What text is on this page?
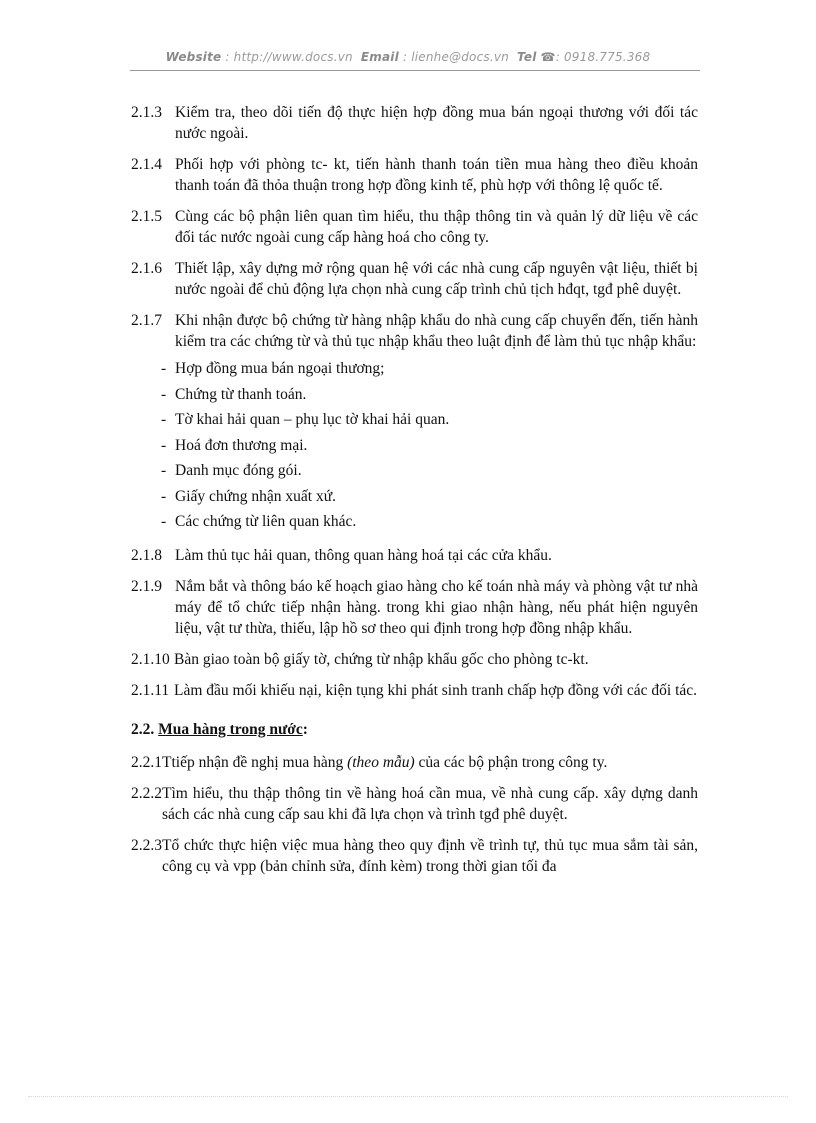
Website : http://www.docs.vn Email : lienhe@docs.vn Tel ☎: 0918.775.368
2.1.3 Kiểm tra, theo dõi tiến độ thực hiện hợp đồng mua bán ngoại thương với đối tác nước ngoài.
2.1.4 Phối hợp với phòng tc- kt, tiến hành thanh toán tiền mua hàng theo điều khoản thanh toán đã thỏa thuận trong hợp đồng kinh tế, phù hợp với thông lệ quốc tế.
2.1.5 Cùng các bộ phận liên quan tìm hiểu, thu thập thông tin và quản lý dữ liệu về các đối tác nước ngoài cung cấp hàng hoá cho công ty.
2.1.6 Thiết lập, xây dựng mở rộng quan hệ với các nhà cung cấp nguyên vật liệu, thiết bị nước ngoài để chủ động lựa chọn nhà cung cấp trình chủ tịch hđqt, tgđ phê duyệt.
2.1.7 Khi nhận được bộ chứng từ hàng nhập khẩu do nhà cung cấp chuyển đến, tiến hành kiểm tra các chứng từ và thủ tục nhập khẩu theo luật định để làm thủ tục nhập khẩu:
- Hợp đồng mua bán ngoại thương;
- Chứng từ thanh toán.
- Tờ khai hải quan – phụ lục tờ khai hải quan.
- Hoá đơn thương mại.
- Danh mục đóng gói.
- Giấy chứng nhận xuất xứ.
- Các chứng từ liên quan khác.
2.1.8 Làm thủ tục hải quan, thông quan hàng hoá tại các cửa khẩu.
2.1.9 Nắm bắt và thông báo kế hoạch giao hàng cho kế toán nhà máy và phòng vật tư nhà máy để tổ chức tiếp nhận hàng. trong khi giao nhận hàng, nếu phát hiện nguyên liệu, vật tư thừa, thiếu, lập hồ sơ theo qui định trong hợp đồng nhập khẩu.
2.1.10 Bàn giao toàn bộ giấy tờ, chứng từ nhập khẩu gốc cho phòng tc-kt.
2.1.11 Làm đầu mối khiếu nại, kiện tụng khi phát sinh tranh chấp hợp đồng với các đối tác.
2.2. Mua hàng trong nước:
2.2.1 Ttiếp nhận đề nghị mua hàng (theo mẫu) của các bộ phận trong công ty.
2.2.2 Tìm hiểu, thu thập thông tin về hàng hoá cần mua, về nhà cung cấp. xây dựng danh sách các nhà cung cấp sau khi đã lựa chọn và trình tgđ phê duyệt.
2.2.3 Tổ chức thực hiện việc mua hàng theo quy định về trình tự, thủ tục mua sắm tài sản, công cụ và vpp (bản chỉnh sửa, đính kèm) trong thời gian tối đa
